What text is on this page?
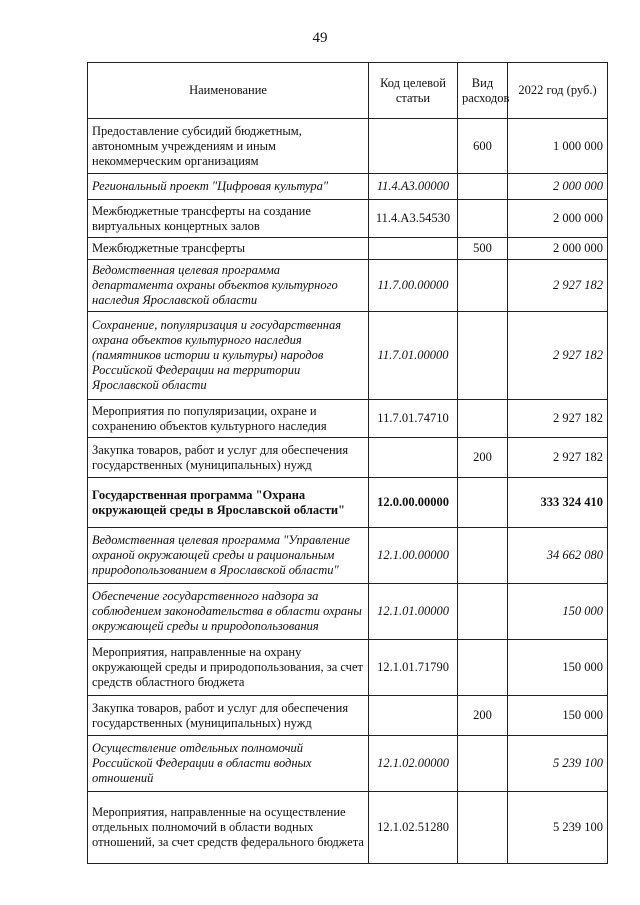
49
Наименование	Код целевой статьи	Вид расходов	2022 год (руб.)
Предоставление субсидий бюджетным, автономным учреждениям и иным некоммерческим организациям		600	1 000 000
Региональный проект "Цифровая культура"	11.4.А3.00000		2 000 000
Межбюджетные трансферты на создание виртуальных концертных залов	11.4.А3.54530		2 000 000
Межбюджетные трансферты		500	2 000 000
Ведомственная целевая программа департамента охраны объектов культурного наследия Ярославской области	11.7.00.00000		2 927 182
Сохранение, популяризация и государственная охрана объектов культурного наследия (памятников истории и культуры) народов Российской Федерации на территории Ярославской области	11.7.01.00000		2 927 182
Мероприятия по популяризации, охране и сохранению объектов культурного наследия	11.7.01.74710		2 927 182
Закупка товаров, работ и услуг для обеспечения государственных (муниципальных) нужд		200	2 927 182
Государственная программа "Охрана окружающей среды в Ярославской области"	12.0.00.00000		333 324 410
Ведомственная целевая программа "Управление охраной окружающей среды и рациональным природопользованием в Ярославской области"	12.1.00.00000		34 662 080
Обеспечение государственного надзора за соблюдением законодательства в области охраны окружающей среды и природопользования	12.1.01.00000		150 000
Мероприятия, направленные на охрану окружающей среды и природопользования, за счет средств областного бюджета	12.1.01.71790		150 000
Закупка товаров, работ и услуг для обеспечения государственных (муниципальных) нужд		200	150 000
Осуществление отдельных полномочий Российской Федерации в области водных отношений	12.1.02.00000		5 239 100
Мероприятия, направленные на осуществление отдельных полномочий в области водных отношений, за счет средств федерального бюджета	12.1.02.51280		5 239 100
